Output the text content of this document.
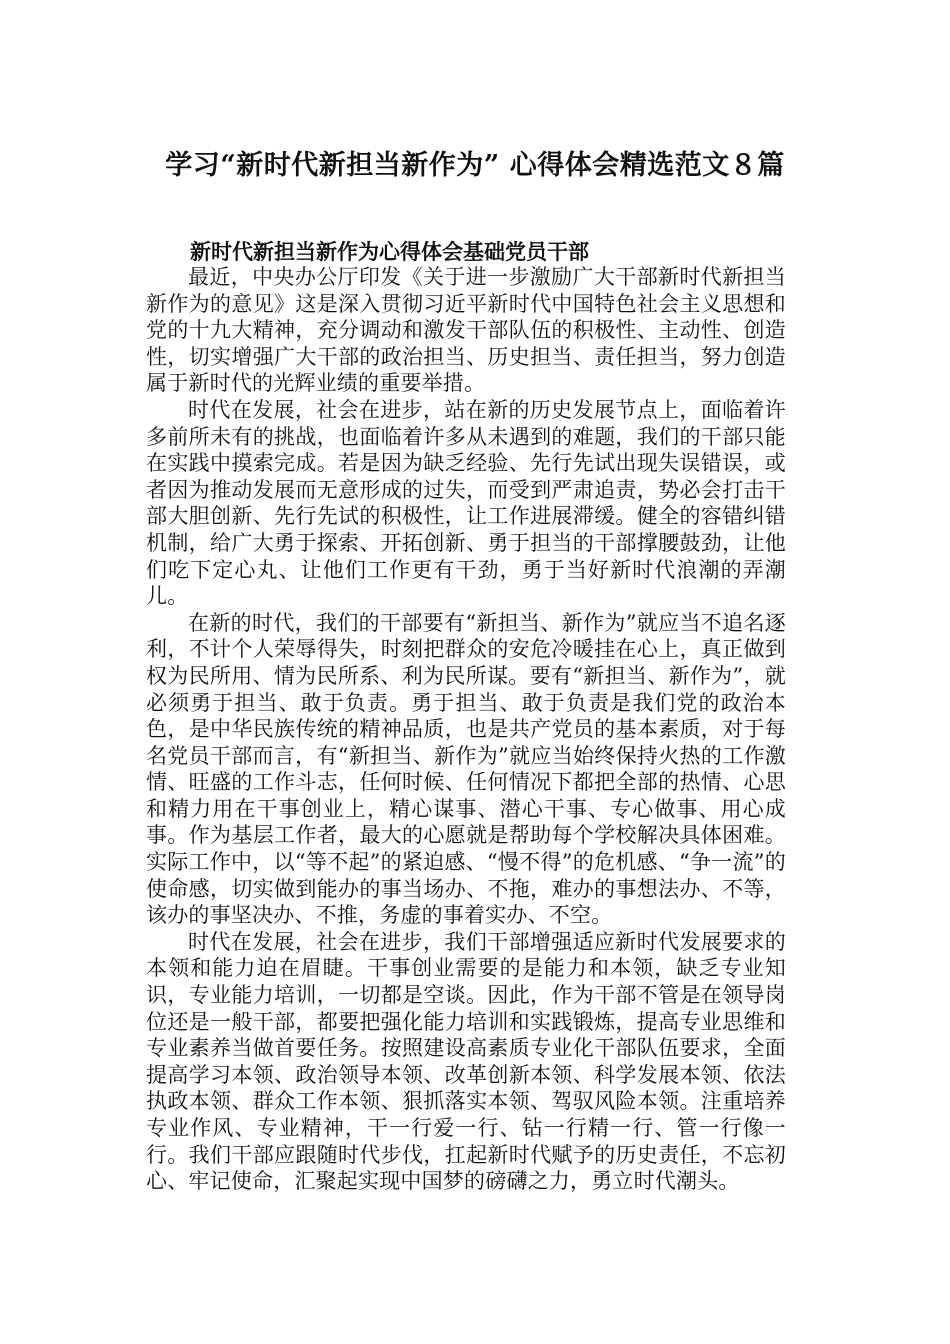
学习“新时代新担当新作为” 心得体会精选范文８篇
新时代新担当新作为心得体会基础党员干部

最近，中央办公厅印发《关于进一步激励广大干部新时代新担当新作为的意见》这是深入贯彻习近平新时代中国特色社会主义思想和党的十九大精神，充分调动和激发干部队伍的积极性、主动性、创造性，切实增强广大干部的政治担当、历史担当、责任担当，努力创造属于新时代的光辉业绩的重要举措。

时代在发展，社会在进步，站在新的历史发展节点上，面临着许多前所未有的挑战，也面临着许多从未遇到的难题，我们的干部只能在实践中摸索完成。若是因为缺乏经验、先行先试出现失误错误，或者因为推动发展而无意形成的过失，而受到严肃追责，势必会打击干部大胆创新、先行先试的积极性，让工作进展滞缓。健全的容错纠错机制，给广大勇于探索、开拓创新、勇于担当的干部撑腰鼓劲，让他们吃下定心丸、让他们工作更有干劲，勇于当好新时代浪潮的弄潮儿。

在新的时代，我们的干部要有“新担当、新作为”就应当不追名逐利，不计个人荣辱得失，时刻把群众的安危冷暖挂在心上，真正做到权为民所用、情为民所系、利为民所谋。要有“新担当、新作为”，就必须勇于担当、敢于负责。勇于担当、敢于负责是我们党的政治本色，是中华民族传统的精神品质，也是共产党员的基本素质，对于每名党员干部而言，有“新担当、新作为”就应当始终保持火热的工作激情、旺盛的工作斗志，任何时候、任何情况下都把全部的热情、心思和精力用在干事创业上，精心谋事、潜心干事、专心做事、用心成事。作为基层工作者，最大的心愿就是帮助每个学校解决具体困难。实际工作中，以“等不起”的紧迫感、“慢不得”的危机感、“争一流”的使命感，切实做到能办的事当场办、不拖，难办的事想法办、不等，该办的事坚决办、不推，务虚的事着实办、不空。

时代在发展，社会在进步，我们干部增强适应新时代发展要求的本领和能力迫在眉睫。干事创业需要的是能力和本领，缺乏专业知识，专业能力培训，一切都是空谈。因此，作为干部不管是在领导岗位还是一般干部，都要把强化能力培训和实践锻炼，提高专业思维和专业素养当做首要任务。按照建设高素质专业化干部队伍要求，全面提高学习本领、政治领导本领、改革创新本领、科学发展本领、依法执政本领、群众工作本领、狠抓落实本领、驾驭风险本领。注重培养专业作风、专业精神，干一行爱一行、钻一行精一行、管一行像一行。我们干部应跟随时代步伐，扛起新时代赋予的历史责任，不忘初心、牢记使命，汇聚起实现中国梦的磅礴之力，勇立时代潮头。
